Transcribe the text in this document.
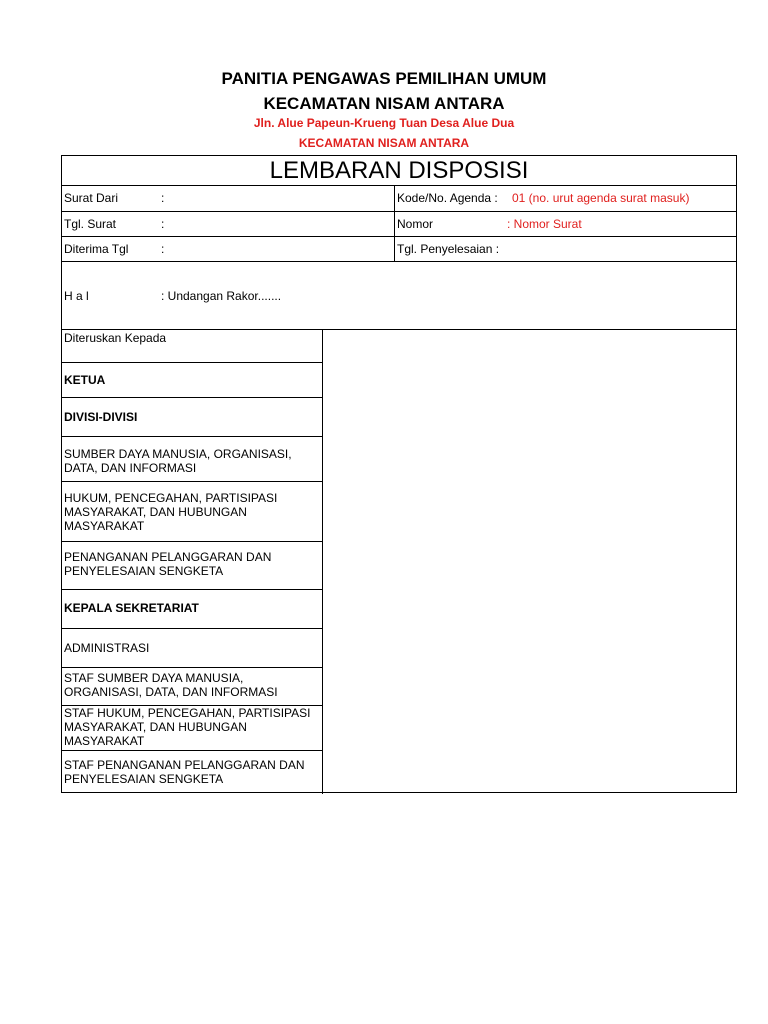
PANITIA PENGAWAS PEMILIHAN UMUM
KECAMATAN NISAM ANTARA
Jln. Alue Papeun-Krueng Tuan Desa Alue Dua
KECAMATAN NISAM ANTARA
LEMBARAN DISPOSISI
Surat Dari	:	Kode/No. Agenda : 01 (no. urut agenda surat masuk)
Tgl. Surat	:	Nomor	: Nomor Surat
Diterima Tgl	:	Tgl. Penyelesaian :
H a l	: Undangan Rakor.......
Diteruskan Kepada
KETUA
DIVISI-DIVISI
SUMBER DAYA MANUSIA, ORGANISASI, DATA, DAN INFORMASI
HUKUM, PENCEGAHAN, PARTISIPASI MASYARAKAT, DAN HUBUNGAN MASYARAKAT
PENANGANAN PELANGGARAN DAN PENYELESAIAN SENGKETA
KEPALA SEKRETARIAT
ADMINISTRASI
STAF SUMBER DAYA MANUSIA, ORGANISASI, DATA, DAN INFORMASI
STAF HUKUM, PENCEGAHAN, PARTISIPASI MASYARAKAT, DAN HUBUNGAN MASYARAKAT
STAF PENANGANAN PELANGGARAN DAN PENYELESAIAN SENGKETA
